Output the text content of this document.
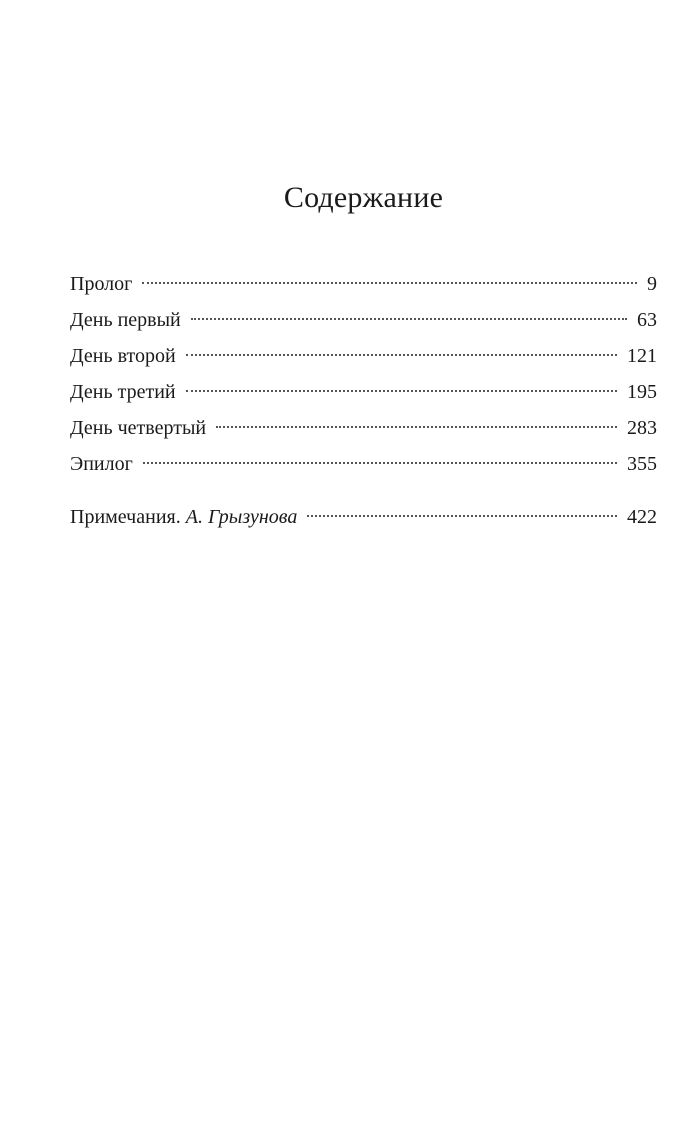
Содержание
Пролог	9
День первый	63
День второй	121
День третий	195
День четвертый	283
Эпилог	355
Примечания. А. Грызунова	422
